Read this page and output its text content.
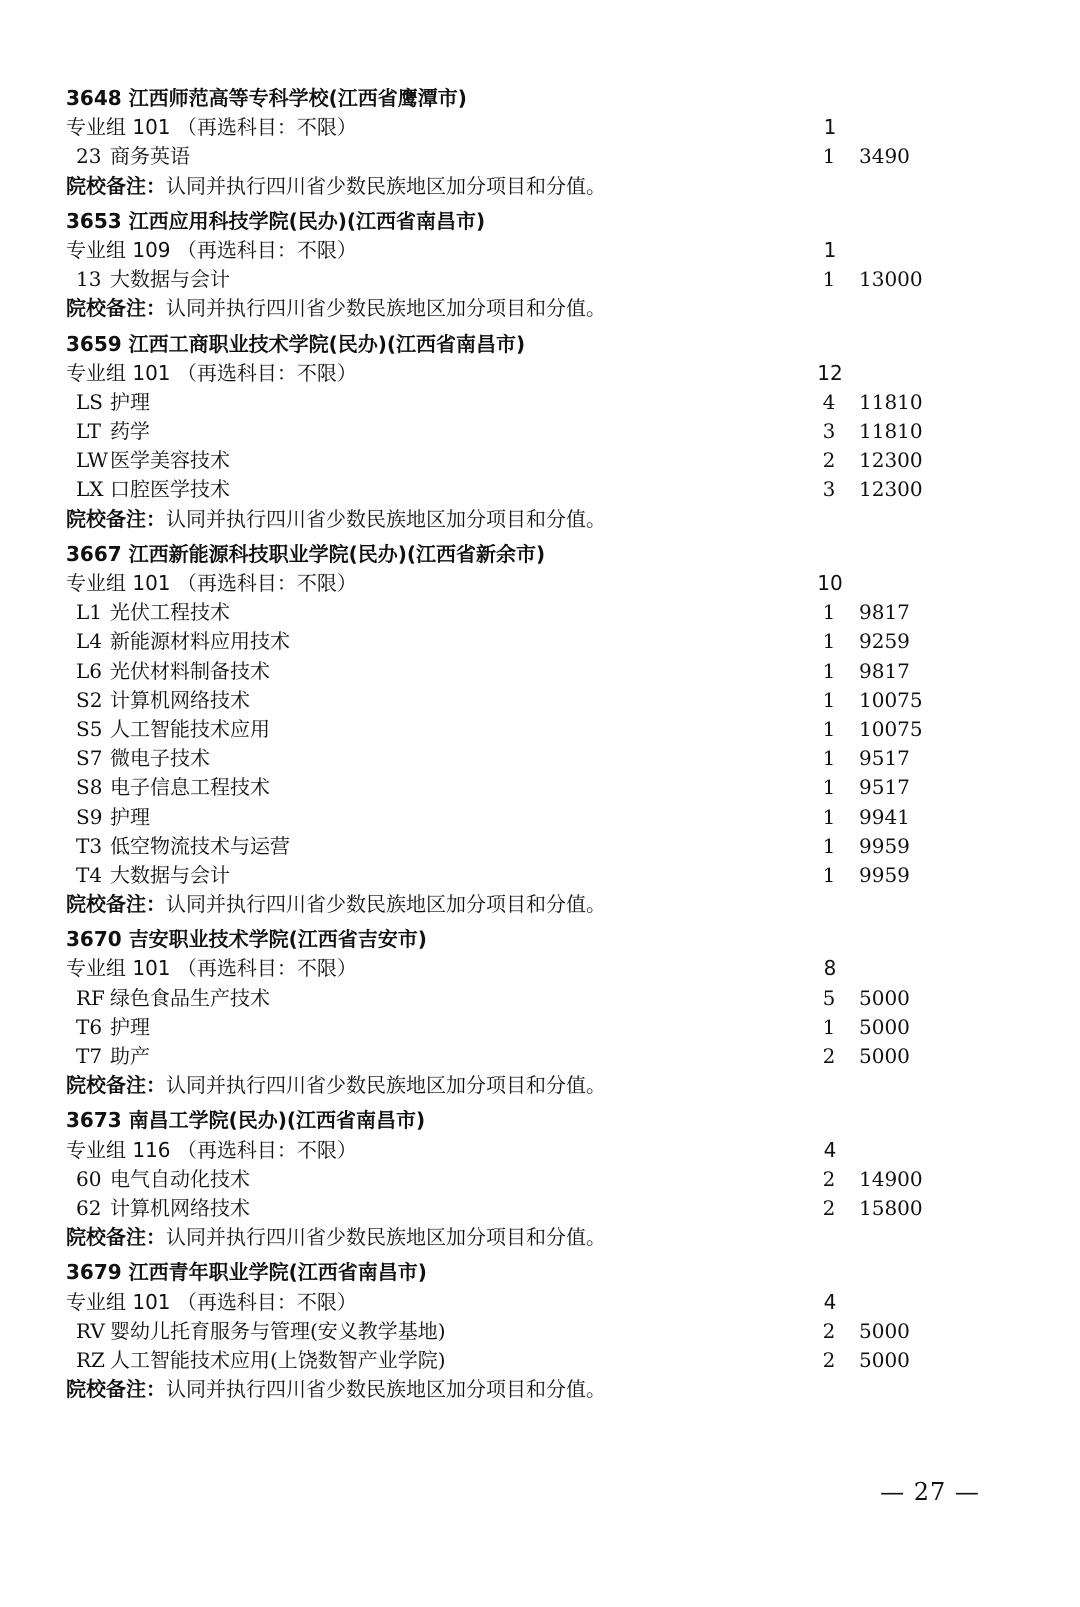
3648 江西师范高等专科学校(江西省鹰潭市)
专业组 101 （再选科目：不限）	1
23 商务英语	1 3490
院校备注：认同并执行四川省少数民族地区加分项目和分值。
3653 江西应用科技学院(民办)(江西省南昌市)
专业组 109 （再选科目：不限）	1
13 大数据与会计	1 13000
院校备注：认同并执行四川省少数民族地区加分项目和分值。
3659 江西工商职业技术学院(民办)(江西省南昌市)
专业组 101 （再选科目：不限）	12
LS 护理	4 11810
LT 药学	3 11810
LW 医学美容技术	2 12300
LX 口腔医学技术	3 12300
院校备注：认同并执行四川省少数民族地区加分项目和分值。
3667 江西新能源科技职业学院(民办)(江西省新余市)
专业组 101 （再选科目：不限）	10
L1 光伏工程技术	1 9817
L4 新能源材料应用技术	1 9259
L6 光伏材料制备技术	1 9817
S2 计算机网络技术	1 10075
S5 人工智能技术应用	1 10075
S7 微电子技术	1 9517
S8 电子信息工程技术	1 9517
S9 护理	1 9941
T3 低空物流技术与运营	1 9959
T4 大数据与会计	1 9959
院校备注：认同并执行四川省少数民族地区加分项目和分值。
3670 吉安职业技术学院(江西省吉安市)
专业组 101 （再选科目：不限）	8
RF 绿色食品生产技术	5 5000
T6 护理	1 5000
T7 助产	2 5000
院校备注：认同并执行四川省少数民族地区加分项目和分值。
3673 南昌工学院(民办)(江西省南昌市)
专业组 116 （再选科目：不限）	4
60 电气自动化技术	2 14900
62 计算机网络技术	2 15800
院校备注：认同并执行四川省少数民族地区加分项目和分值。
3679 江西青年职业学院(江西省南昌市)
专业组 101 （再选科目：不限）	4
RV 婴幼儿托育服务与管理(安义教学基地)	2 5000
RZ 人工智能技术应用(上饶数智产业学院)	2 5000
院校备注：认同并执行四川省少数民族地区加分项目和分值。
— 27 —
